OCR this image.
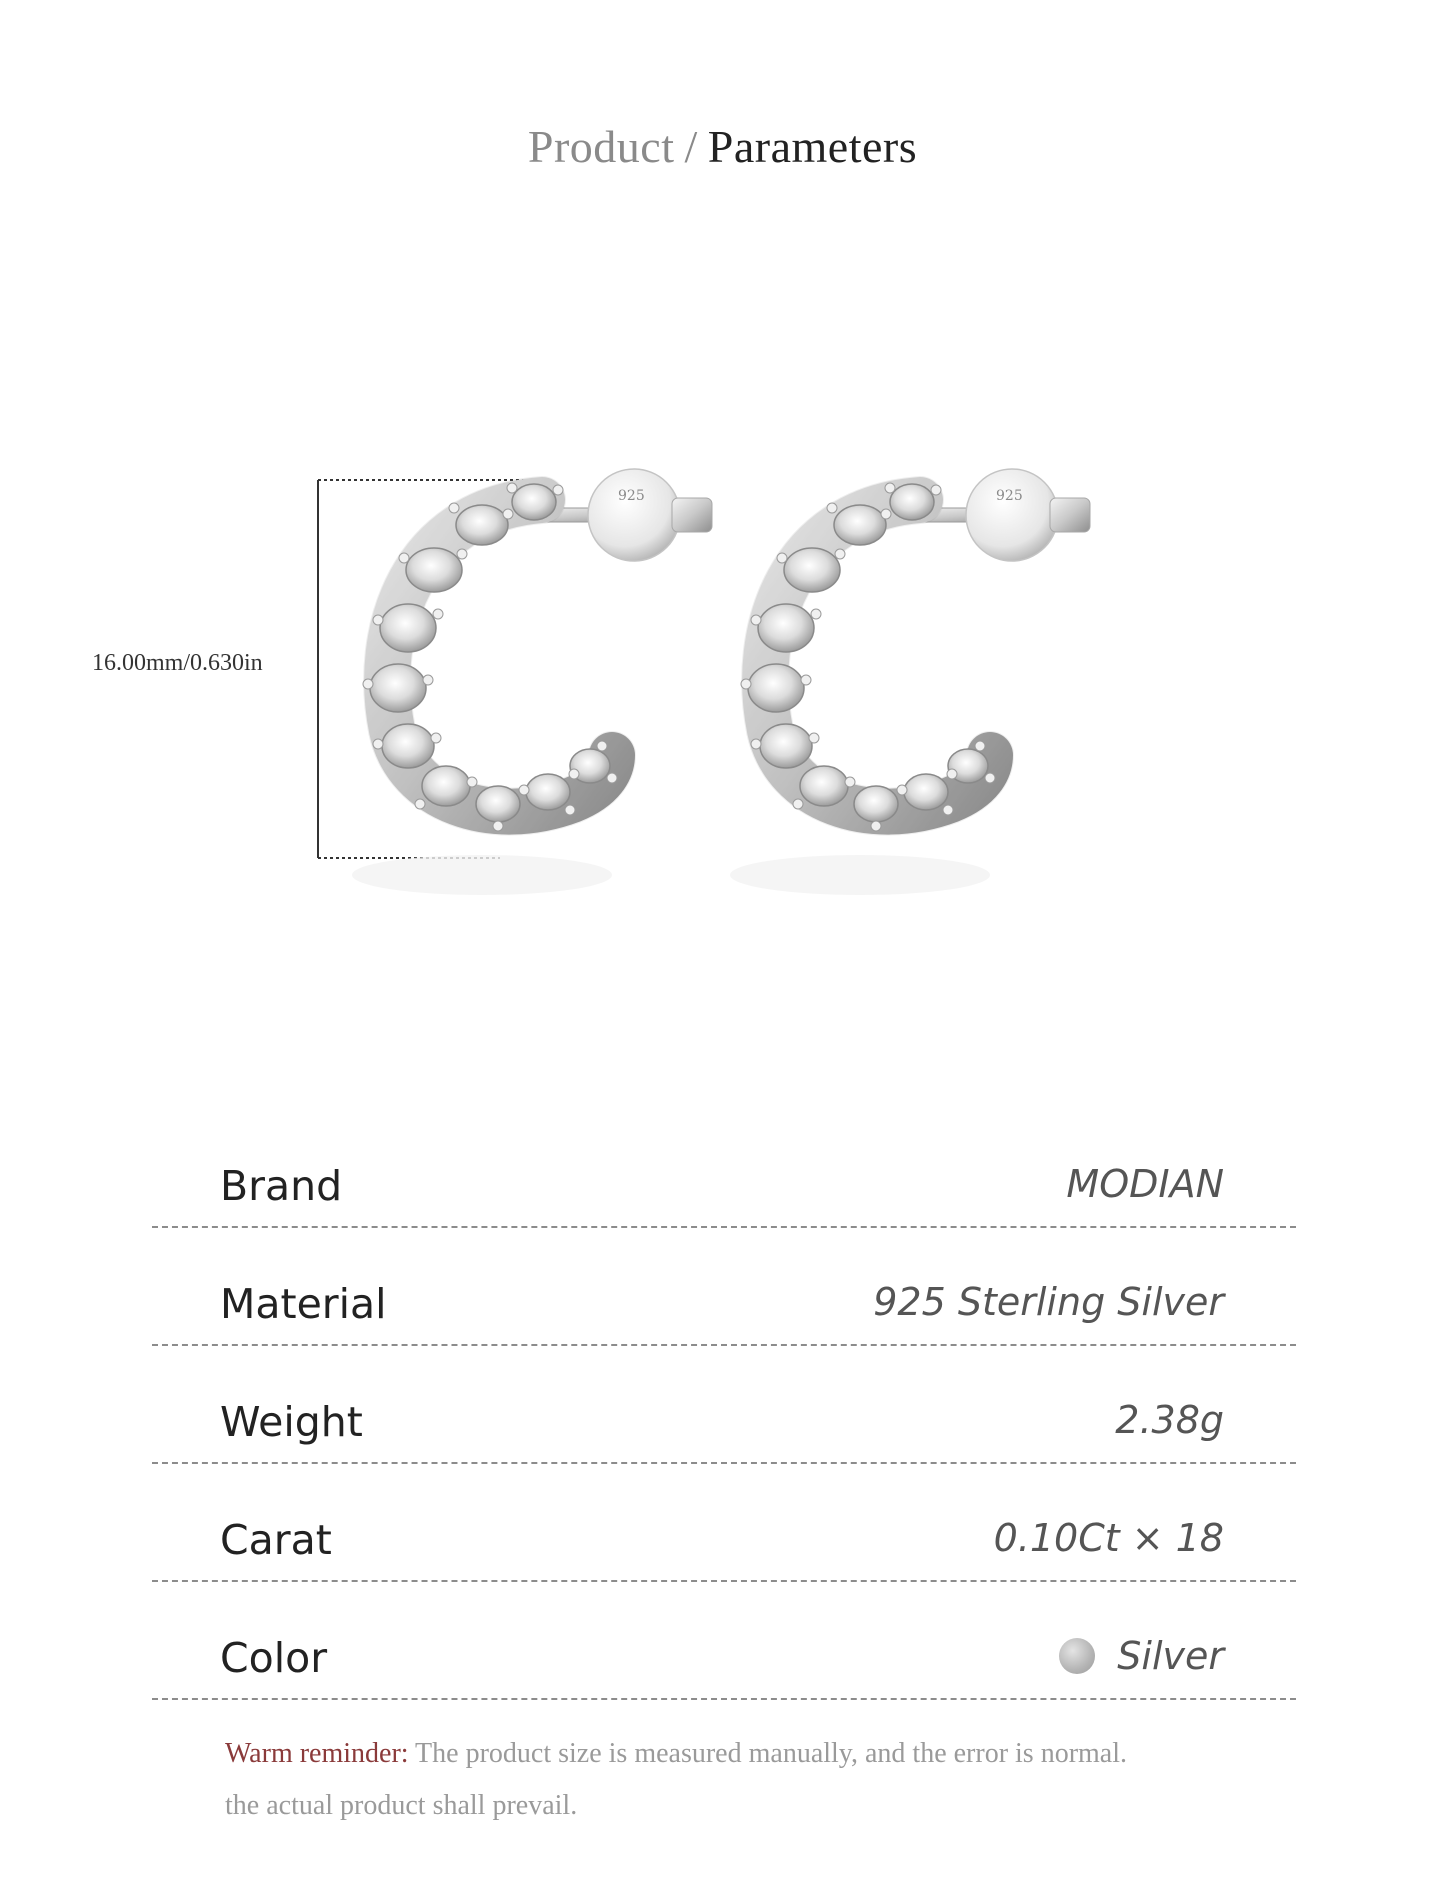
Product / Parameters
925
16.00mm/0.630in
Brand	MODIAN
Material	925 Sterling Silver
Weight	2.38g
Carat	0.10Ct × 18
Color	Silver
Warm reminder: The product size is measured manually, and the error is normal.
the actual product shall prevail.
